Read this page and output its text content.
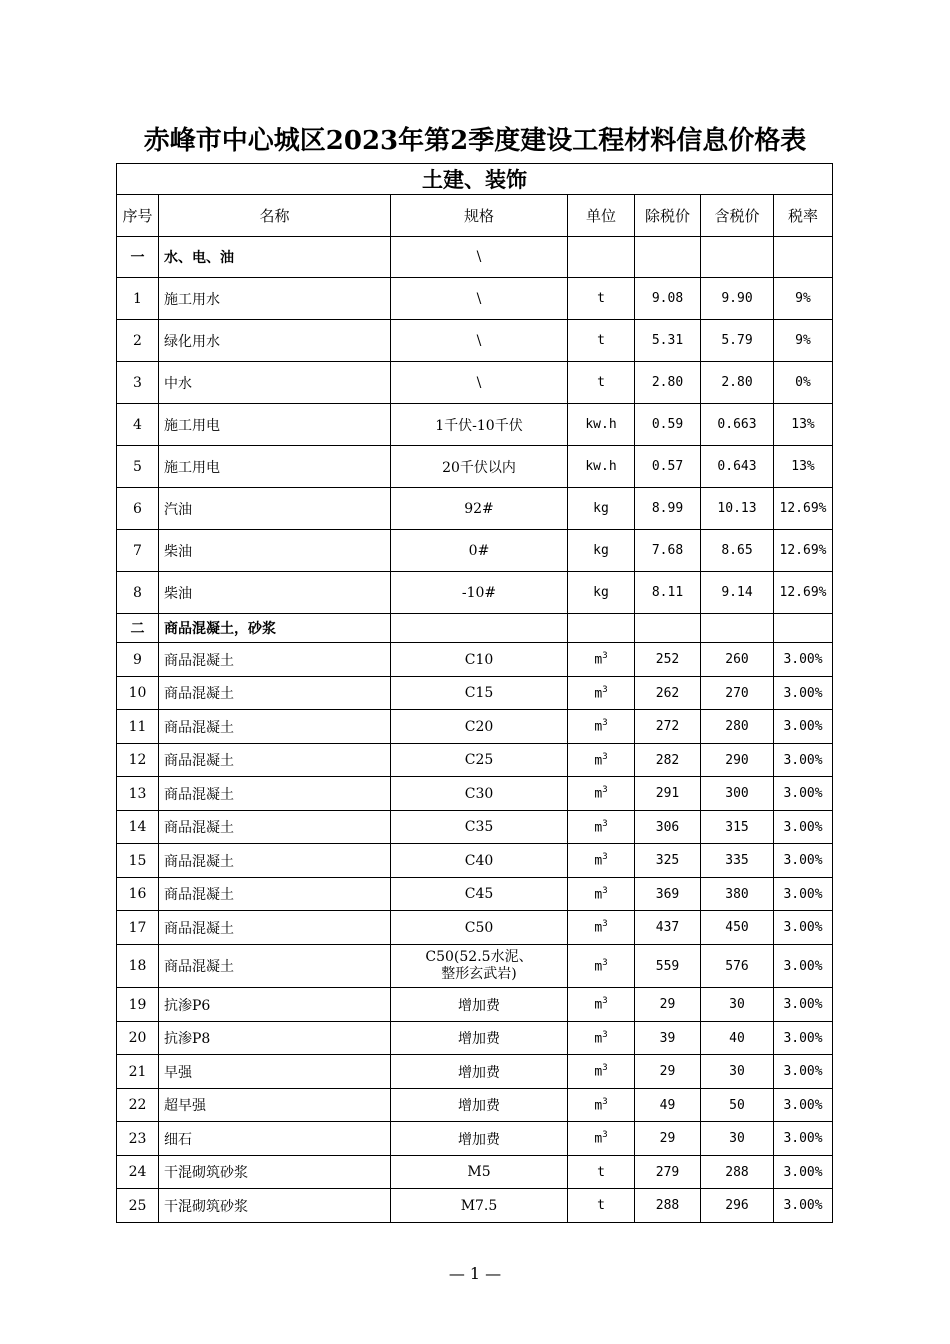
赤峰市中心城区2023年第2季度建设工程材料信息价格表
土建、装饰						
序号	名称	规格	单位	除税价	含税价	税率
一	水、电、油	\				
1	施工用水	\	t	9.08	9.90	9%
2	绿化用水	\	t	5.31	5.79	9%
3	中水	\	t	2.80	2.80	0%
4	施工用电	1千伏-10千伏	kw.h	0.59	0.663	13%
5	施工用电	20千伏以内	kw.h	0.57	0.643	13%
6	汽油	92#	kg	8.99	10.13	12.69%
7	柴油	0#	kg	7.68	8.65	12.69%
8	柴油	-10#	kg	8.11	9.14	12.69%
二	商品混凝土，砂浆					
9	商品混凝土	C10	$m^3$	252	260	3.00%
10	商品混凝土	C15	$m^3$	262	270	3.00%
11	商品混凝土	C20	$m^3$	272	280	3.00%
12	商品混凝土	C25	$m^3$	282	290	3.00%
13	商品混凝土	C30	$m^3$	291	300	3.00%
14	商品混凝土	C35	$m^3$	306	315	3.00%
15	商品混凝土	C40	$m^3$	325	335	3.00%
16	商品混凝土	C45	$m^3$	369	380	3.00%
17	商品混凝土	C50	$m^3$	437	450	3.00%
18	商品混凝土	C50(52.5水泥、
整形玄武岩)	$m^3$	559	576	3.00%
19	抗渗P6	增加费	$m^3$	29	30	3.00%
20	抗渗P8	增加费	$m^3$	39	40	3.00%
21	早强	增加费	$m^3$	29	30	3.00%
22	超早强	增加费	$m^3$	49	50	3.00%
23	细石	增加费	$m^3$	29	30	3.00%
24	干混砌筑砂浆	M5	t	279	288	3.00%
25	干混砌筑砂浆	M7.5	t	288	296	3.00%
— 1 —
